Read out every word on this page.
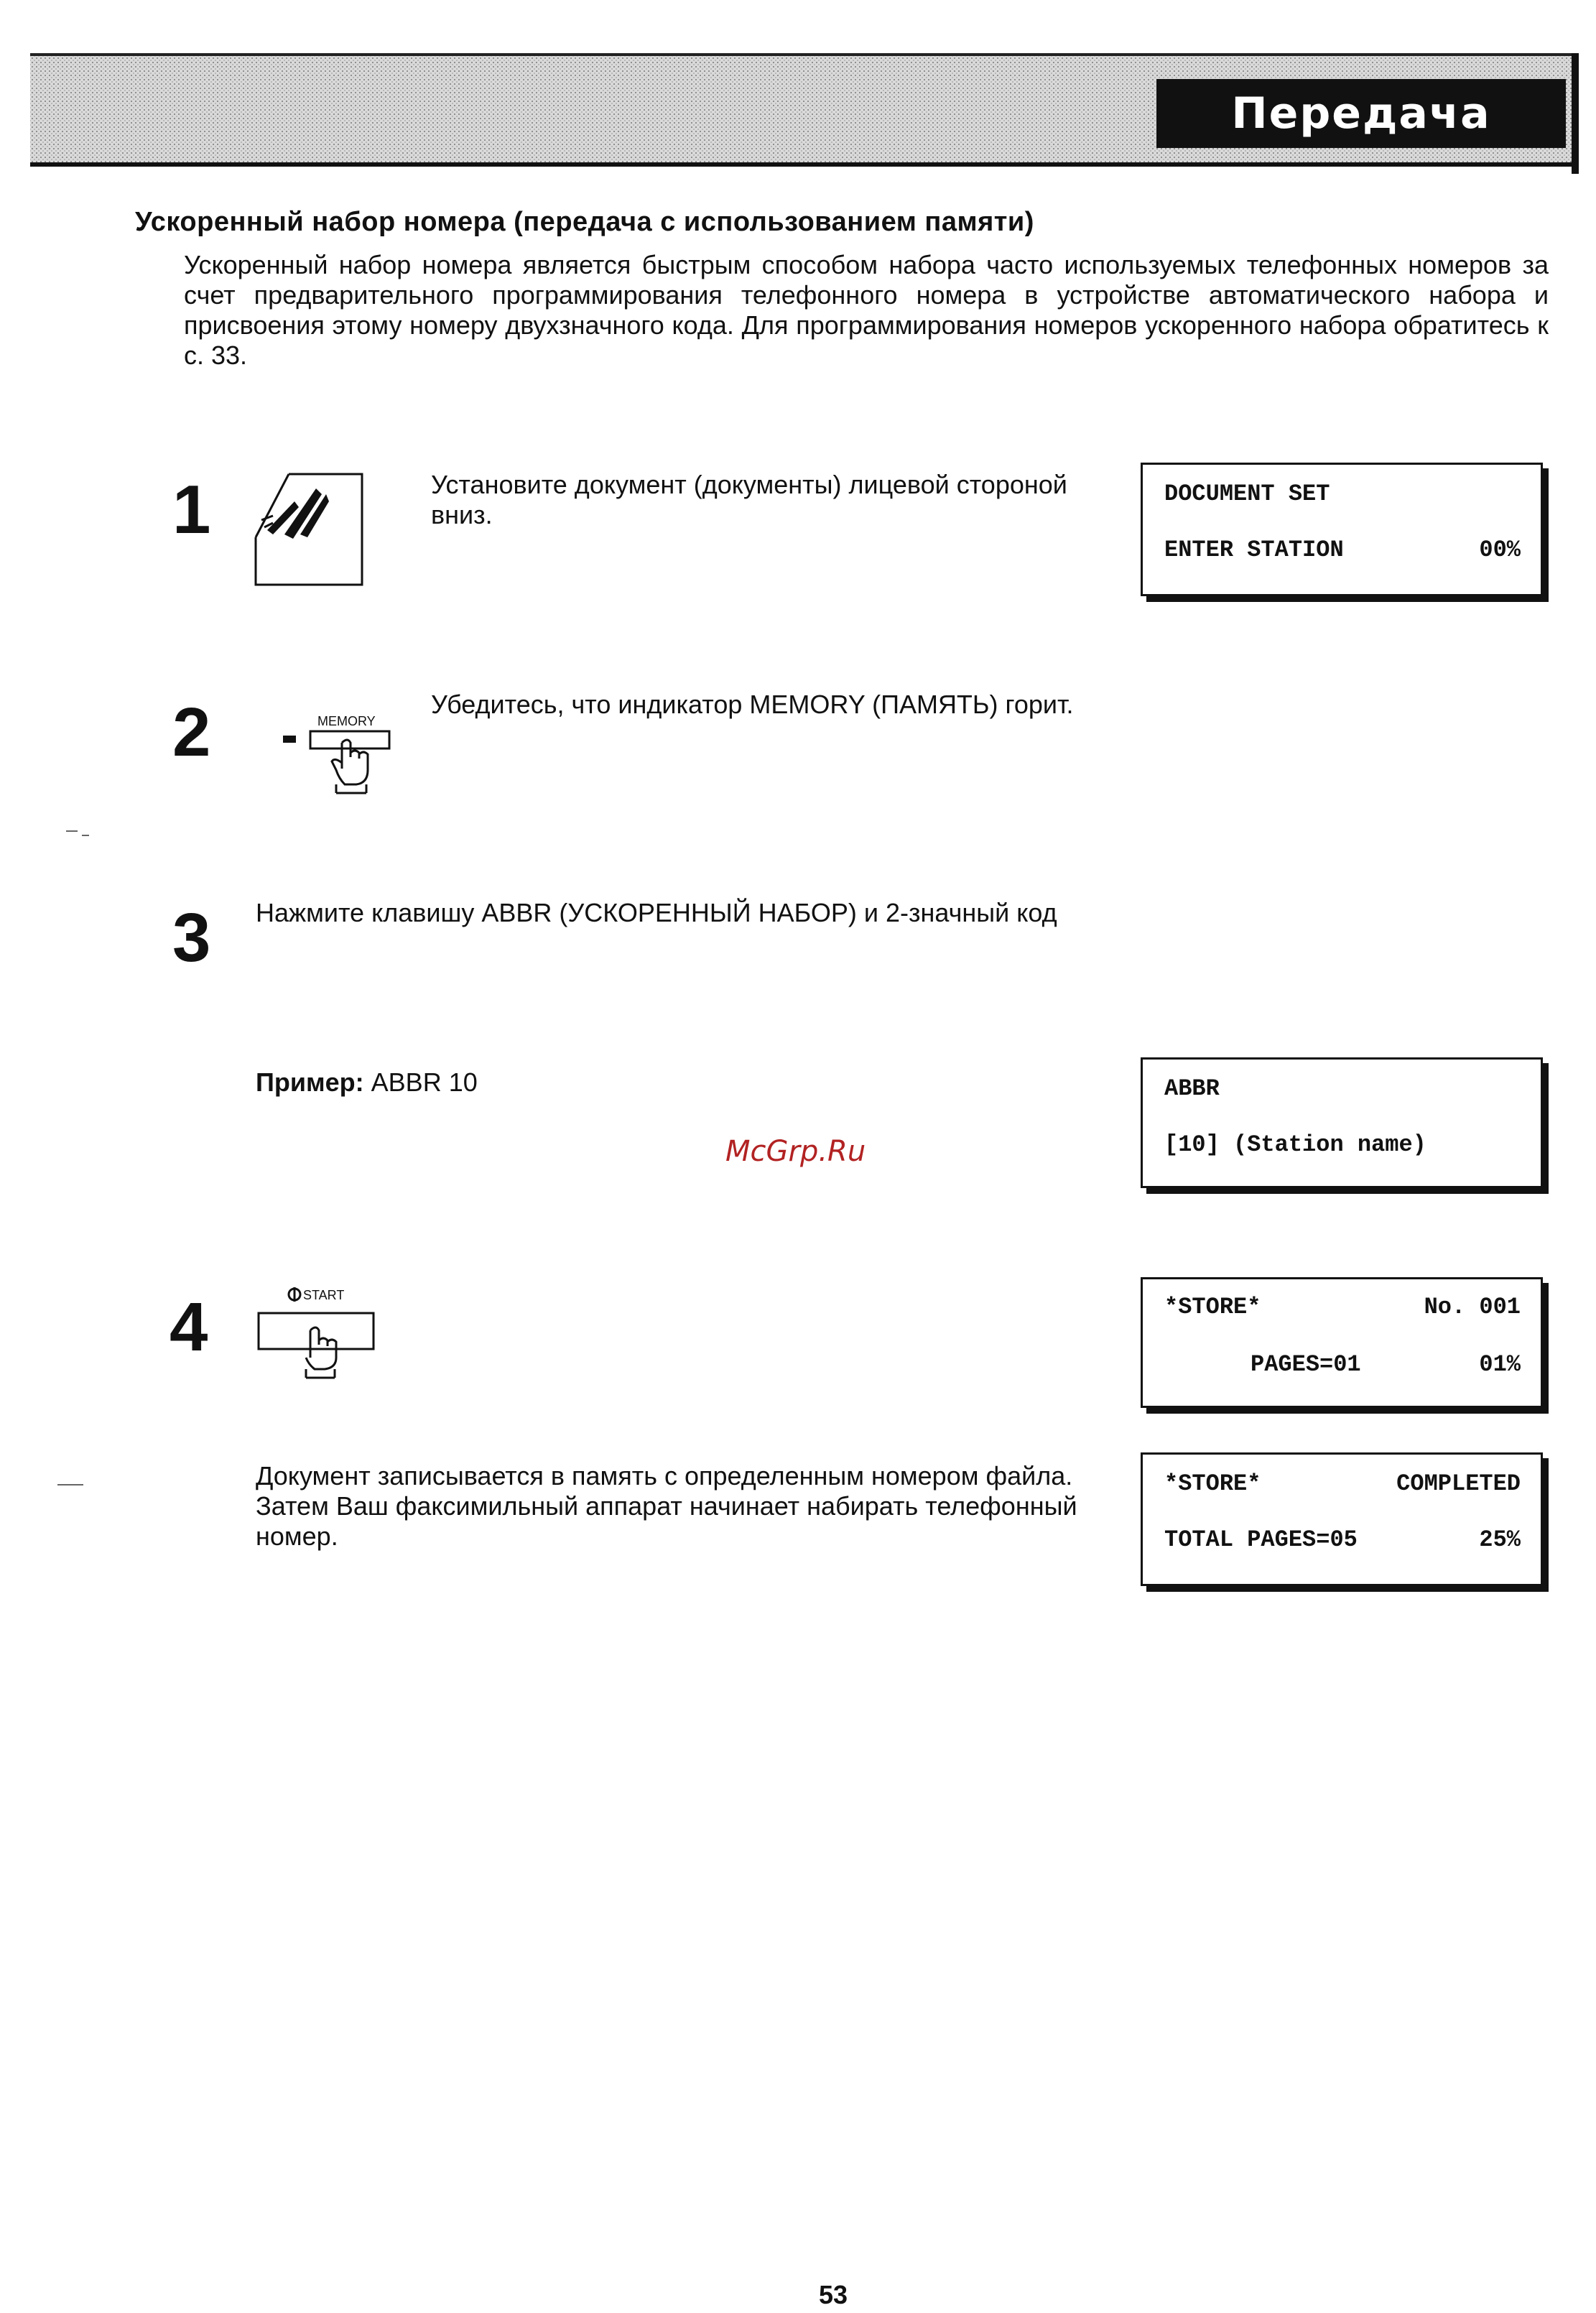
Передача документов
Ускоренный набор номера (передача с использованием памяти)
Ускоренный набор номера является быстрым способом набора часто используемых телефонных номеров за счет предварительного программирования телефонного номера в устройстве автоматического набора и присвоения этому номеру двухзначного кода. Для программирования номеров ускоренного набора обратитесь к с. 33.
1	Установите документ (документы) лицевой стороной вниз.
DOCUMENT SET
ENTER STATION	00%
2	MEMORY
Убедитесь, что индикатор MEMORY (ПАМЯТЬ) горит.
3 Нажмите клавишу ABBR (УСКОРЕННЫЙ НАБОР) и 2-значный код
Пример: ABBR 10	ABBR
[10] (Station name)
4	START	*STORE*	No. 001
PAGES=01	01%
*STORE*	COMPLETED
TOTAL PAGES=05	25%
Документ записывается в память с определенным номером файла. Затем Ваш факсимильный аппарат начинает набирать телефонный номер.
McGrp.Ru
53
